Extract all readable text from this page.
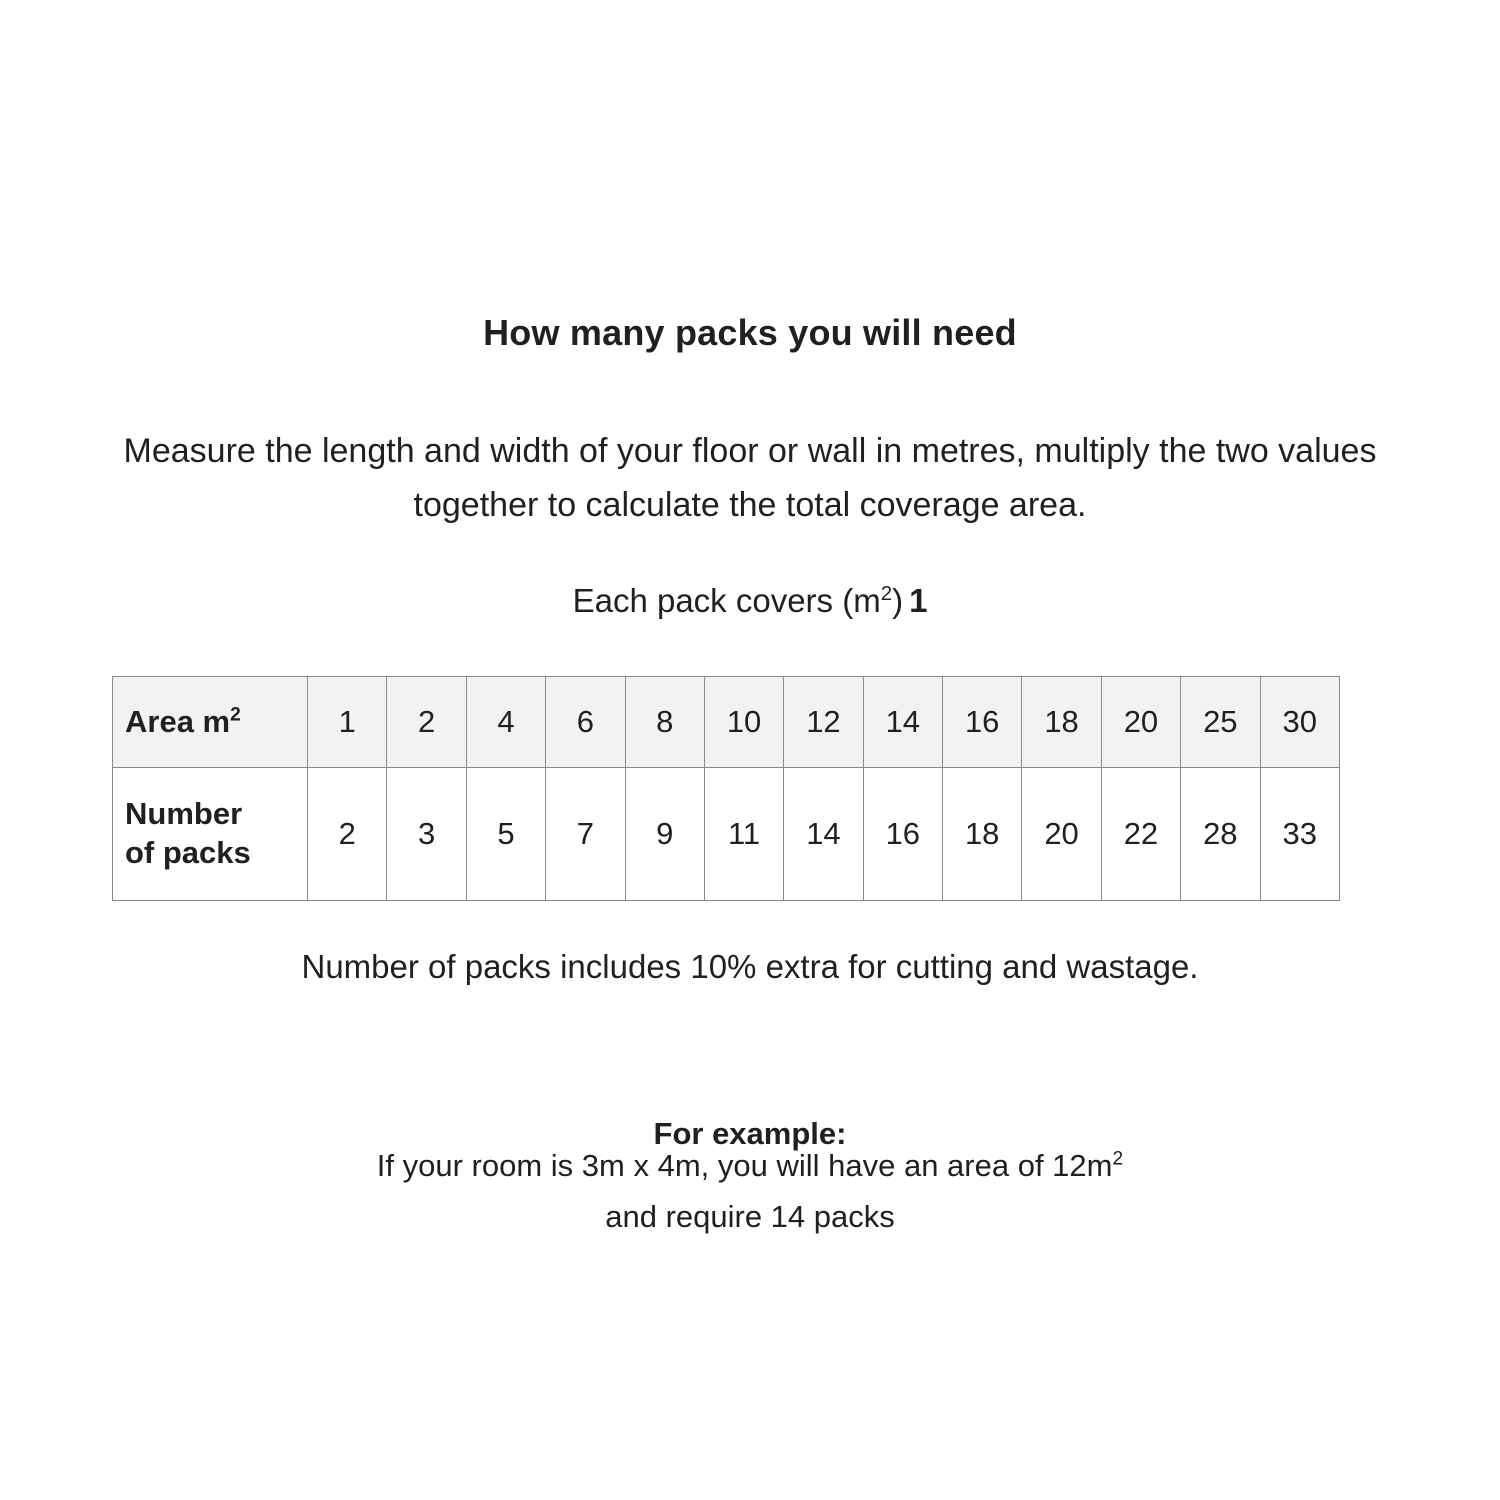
How many packs you will need

Measure the length and width of your floor or wall in metres, multiply the two values together to calculate the total coverage area.

Each pack covers $(m^2)$ 1
Area $m^2$	1	2	4	6	8	10	12	14	16	18	20	25	30
Number
of packs	2	3	5	7	9	11	14	16	18	20	22	28	33

Number of packs includes 10% extra for cutting and wastage.

For example:

If your room is 3m x 4m, you will have an area of $12m^2$
and require 14 packs
